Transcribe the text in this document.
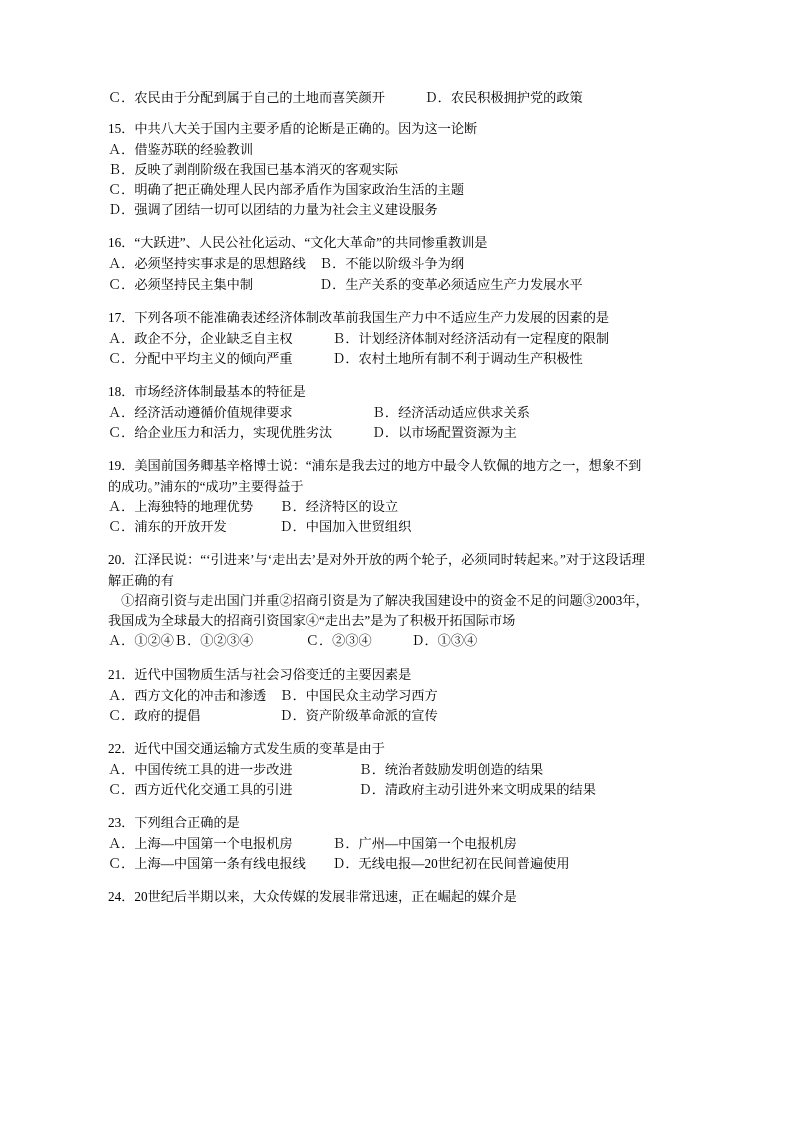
Ｃ．农民由于分配到属于自己的土地而喜笑颜开　　　Ｄ．农民积极拥护党的政策
15．中共八大关于国内主要矛盾的论断是正确的。因为这一论断
Ａ．借鉴苏联的经验教训
Ｂ．反映了剥削阶级在我国已基本消灭的客观实际
Ｃ．明确了把正确处理人民内部矛盾作为国家政治生活的主题
Ｄ．强调了团结一切可以团结的力量为社会主义建设服务
16．“大跃进”、人民公社化运动、“文化大革命”的共同惨重教训是
Ａ．必须坚持实事求是的思想路线　Ｂ．不能以阶级斗争为纲
Ｃ．必须坚持民主集中制　　　　　Ｄ．生产关系的变革必须适应生产力发展水平
17．下列各项不能准确表述经济体制改革前我国生产力中不适应生产力发展的因素的是
Ａ．政企不分，企业缺乏自主权　　　Ｂ．计划经济体制对经济活动有一定程度的限制
Ｃ．分配中平均主义的倾向严重　　　Ｄ．农村土地所有制不利于调动生产积极性
18．市场经济体制最基本的特征是
Ａ．经济活动遵循价值规律要求　　　　　　Ｂ．经济活动适应供求关系
Ｃ．给企业压力和活力，实现优胜劣汰　　　Ｄ．以市场配置资源为主
19．美国前国务卿基辛格博士说：“浦东是我去过的地方中最令人钦佩的地方之一，想象不到
的成功。”浦东的“成功”主要得益于
Ａ．上海独特的地理优势　　Ｂ．经济特区的设立
Ｃ．浦东的开放开发　　　　Ｄ．中国加入世贸组织
20．江泽民说：“‘引进来’与‘走出去’是对外开放的两个轮子，必须同时转起来。”对于这段话理
解正确的有
　①招商引资与走出国门并重②招商引资是为了解决我国建设中的资金不足的问题③2003年，
我国成为全球最大的招商引资国家④“走出去”是为了积极开拓国际市场
Ａ．①②④Ｂ．①②③④　　　　Ｃ．②③④　　　Ｄ．①③④
21．近代中国物质生活与社会习俗变迁的主要因素是
Ａ．西方文化的冲击和渗透　Ｂ．中国民众主动学习西方
Ｃ．政府的提倡　　　　　　Ｄ．资产阶级革命派的宣传
22．近代中国交通运输方式发生质的变革是由于
Ａ．中国传统工具的进一步改进　　　　　Ｂ．统治者鼓励发明创造的结果
Ｃ．西方近代化交通工具的引进　　　　　Ｄ．清政府主动引进外来文明成果的结果
23．下列组合正确的是
Ａ．上海—中国第一个电报机房　　　Ｂ．广州—中国第一个电报机房
Ｃ．上海—中国第一条有线电报线　　Ｄ．无线电报—20世纪初在民间普遍使用
24．20世纪后半期以来，大众传媒的发展非常迅速，正在崛起的媒介是
